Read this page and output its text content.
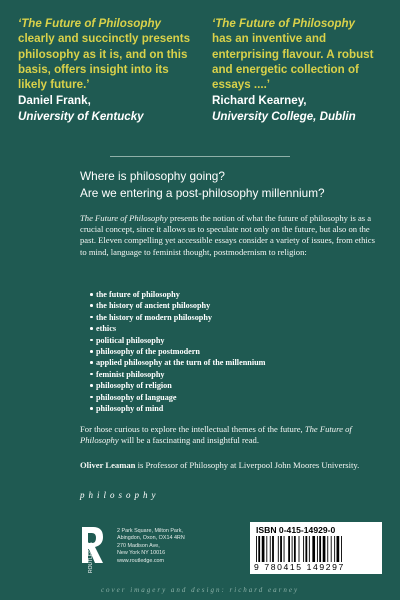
‘The Future of Philosophy
clearly and succinctly presents philosophy as it is, and on this basis, offers insight into its likely future.’
Daniel Frank,
University of Kentucky
‘The Future of Philosophy
has an inventive and enterprising flavour. A robust and energetic collection of essays ....’
Richard Kearney,
University College, Dublin
Where is philosophy going?
Are we entering a post-philosophy millennium?
The Future of Philosophy presents the notion of what the future of philosophy is as a crucial concept, since it allows us to speculate not only on the future, but also on the past. Eleven compelling yet accessible essays consider a variety of issues, from ethics to mind, language to feminist thought, postmodernism to religion:
the future of philosophy
the history of ancient philosophy
the history of modern philosophy
ethics
political philosophy
philosophy of the postmodern
applied philosophy at the turn of the millennium
feminist philosophy
philosophy of religion
philosophy of language
philosophy of mind
For those curious to explore the intellectual themes of the future, The Future of Philosophy will be a fascinating and insightful read.
Oliver Leaman is Professor of Philosophy at Liverpool John Moores University.
philosophy
ROUTLEDGE
2 Park Square, Milton Park,
Abingdon, Oxon, OX14 4RN
270 Madison Ave,
New York NY 10016
www.routledge.com
ISBN 0-415-14929-0
9 780415 149297
cover imagery and design: richard earney
